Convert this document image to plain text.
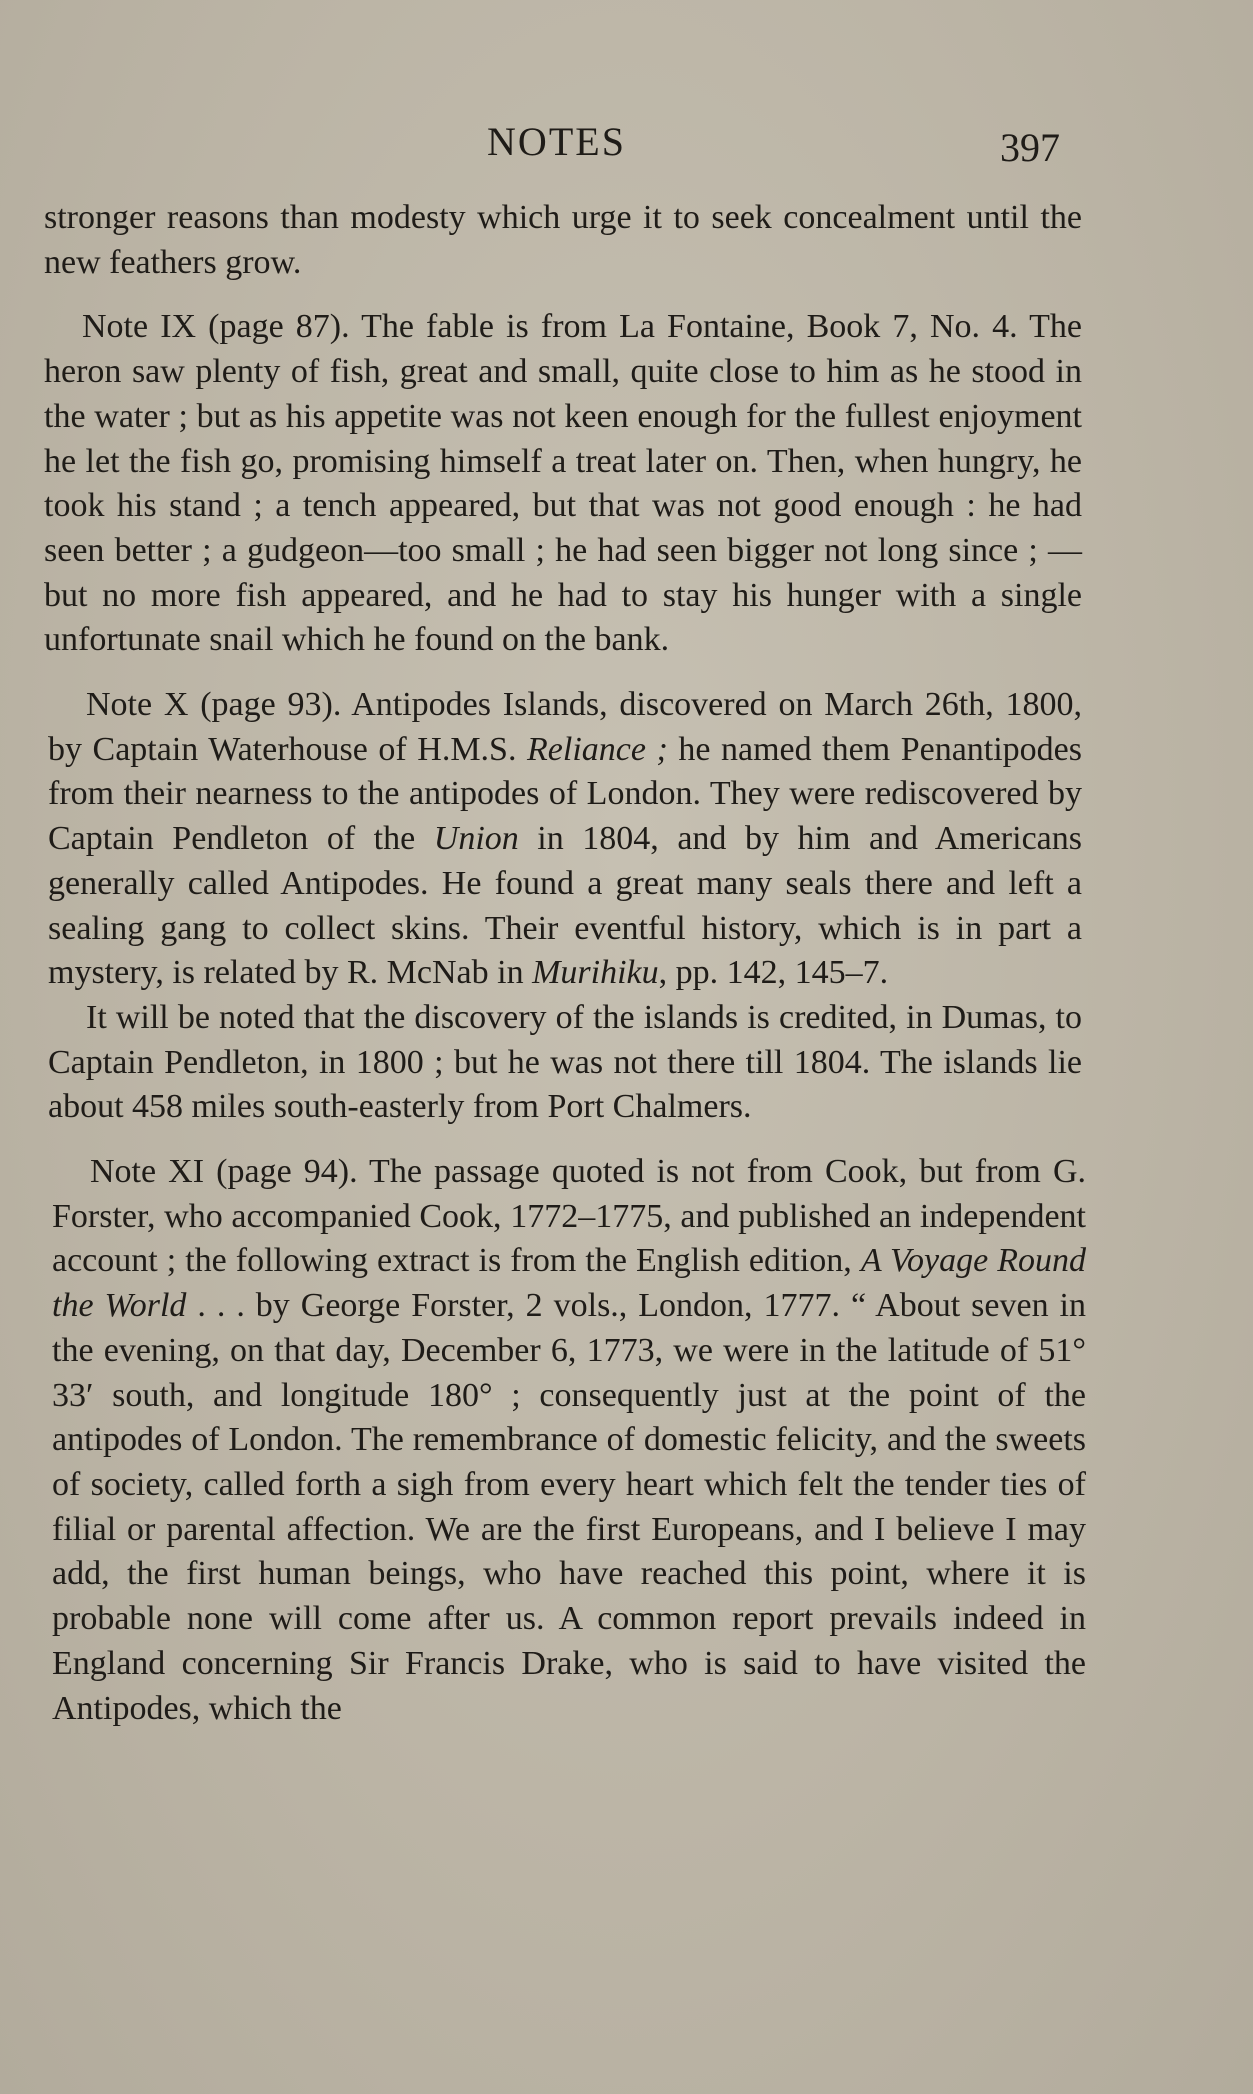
NOTES	397

stronger reasons than modesty which urge it to seek concealment until the new feathers grow.

Note IX (page 87). The fable is from La Fontaine, Book 7, No. 4. The heron saw plenty of fish, great and small, quite close to him as he stood in the water ; but as his appetite was not keen enough for the fullest enjoyment he let the fish go, promising himself a treat later on. Then, when hungry, he took his stand ; a tench appeared, but that was not good enough : he had seen better ; a gudgeon—too small ; he had seen bigger not long since ; —but no more fish appeared, and he had to stay his hunger with a single unfortunate snail which he found on the bank.

Note X (page 93). Antipodes Islands, discovered on March 26th, 1800, by Captain Waterhouse of H.M.S. Reliance ; he named them Penantipodes from their nearness to the antipodes of London. They were rediscovered by Captain Pendleton of the Union in 1804, and by him and Americans generally called Antipodes. He found a great many seals there and left a sealing gang to collect skins. Their eventful history, which is in part a mystery, is related by R. McNab in Murihiku, pp. 142, 145–7.

It will be noted that the discovery of the islands is credited, in Dumas, to Captain Pendleton, in 1800 ; but he was not there till 1804. The islands lie about 458 miles south-easterly from Port Chalmers.

Note XI (page 94). The passage quoted is not from Cook, but from G. Forster, who accompanied Cook, 1772–1775, and published an independent account ; the following extract is from the English edition, A Voyage Round the World . . . by George Forster, 2 vols., London, 1777. “ About seven in the evening, on that day, December 6, 1773, we were in the latitude of 51° 33′ south, and longitude 180° ; consequently just at the point of the antipodes of London. The remembrance of domestic felicity, and the sweets of society, called forth a sigh from every heart which felt the tender ties of filial or parental affection. We are the first Europeans, and I believe I may add, the first human beings, who have reached this point, where it is probable none will come after us. A common report prevails indeed in England concerning Sir Francis Drake, who is said to have visited the Antipodes, which the
